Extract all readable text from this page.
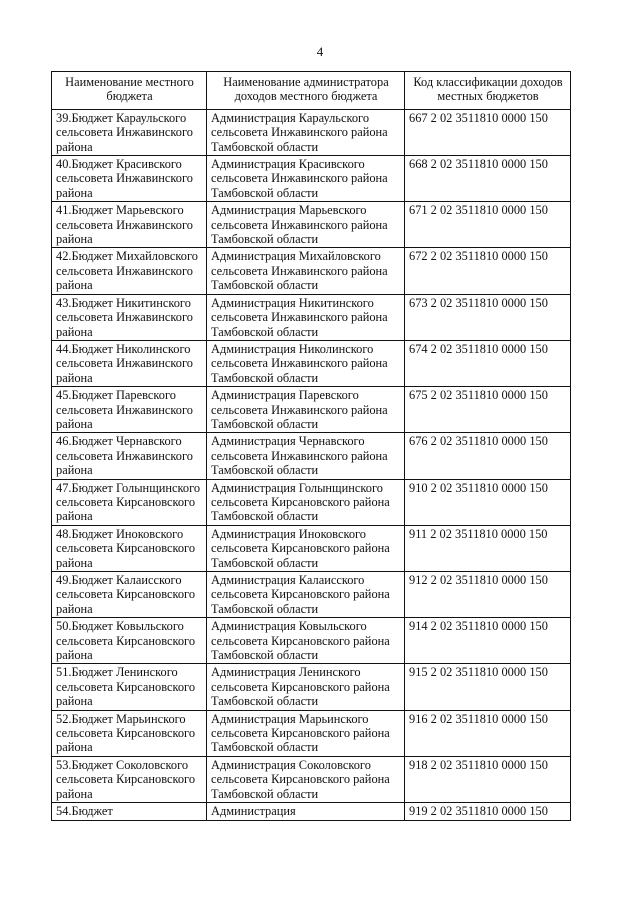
4
Наименование местного бюджета	Наименование администратора доходов местного бюджета	Код классификации доходов местных бюджетов
39.Бюджет Караульского сельсовета Инжавинского района	Администрация Караульского сельсовета Инжавинского района Тамбовской области	667 2 02 3511810 0000 150
40.Бюджет Красивского сельсовета Инжавинского района	Администрация Красивского сельсовета Инжавинского района Тамбовской области	668 2 02 3511810 0000 150
41.Бюджет Марьевского сельсовета Инжавинского района	Администрация Марьевского сельсовета Инжавинского района Тамбовской области	671 2 02 3511810 0000 150
42.Бюджет Михайловского сельсовета Инжавинского района	Администрация Михайловского сельсовета Инжавинского района Тамбовской области	672 2 02 3511810 0000 150
43.Бюджет Никитинского сельсовета Инжавинского района	Администрация Никитинского сельсовета Инжавинского района Тамбовской области	673 2 02 3511810 0000 150
44.Бюджет Николинского сельсовета Инжавинского района	Администрация Николинского сельсовета Инжавинского района Тамбовской области	674 2 02 3511810 0000 150
45.Бюджет Паревского сельсовета Инжавинского района	Администрация Паревского сельсовета Инжавинского района Тамбовской области	675 2 02 3511810 0000 150
46.Бюджет Чернавского сельсовета Инжавинского района	Администрация Чернавского сельсовета Инжавинского района Тамбовской области	676 2 02 3511810 0000 150
47.Бюджет Голынщинского сельсовета Кирсановского района	Администрация Голынщинского сельсовета Кирсановского района Тамбовской области	910 2 02 3511810 0000 150
48.Бюджет Иноковского сельсовета Кирсановского района	Администрация Иноковского сельсовета Кирсановского района Тамбовской области	911 2 02 3511810 0000 150
49.Бюджет Калаисского сельсовета Кирсановского района	Администрация Калаисского сельсовета Кирсановского района Тамбовской области	912 2 02 3511810 0000 150
50.Бюджет Ковыльского сельсовета Кирсановского района	Администрация Ковыльского сельсовета Кирсановского района Тамбовской области	914 2 02 3511810 0000 150
51.Бюджет Ленинского сельсовета Кирсановского района	Администрация Ленинского сельсовета Кирсановского района Тамбовской области	915 2 02 3511810 0000 150
52.Бюджет Марьинского сельсовета Кирсановского района	Администрация Марьинского сельсовета Кирсановского района Тамбовской области	916 2 02 3511810 0000 150
53.Бюджет Соколовского сельсовета Кирсановского района	Администрация Соколовского сельсовета Кирсановского района Тамбовской области	918 2 02 3511810 0000 150
54.Бюджет	Администрация	919 2 02 3511810 0000 150
